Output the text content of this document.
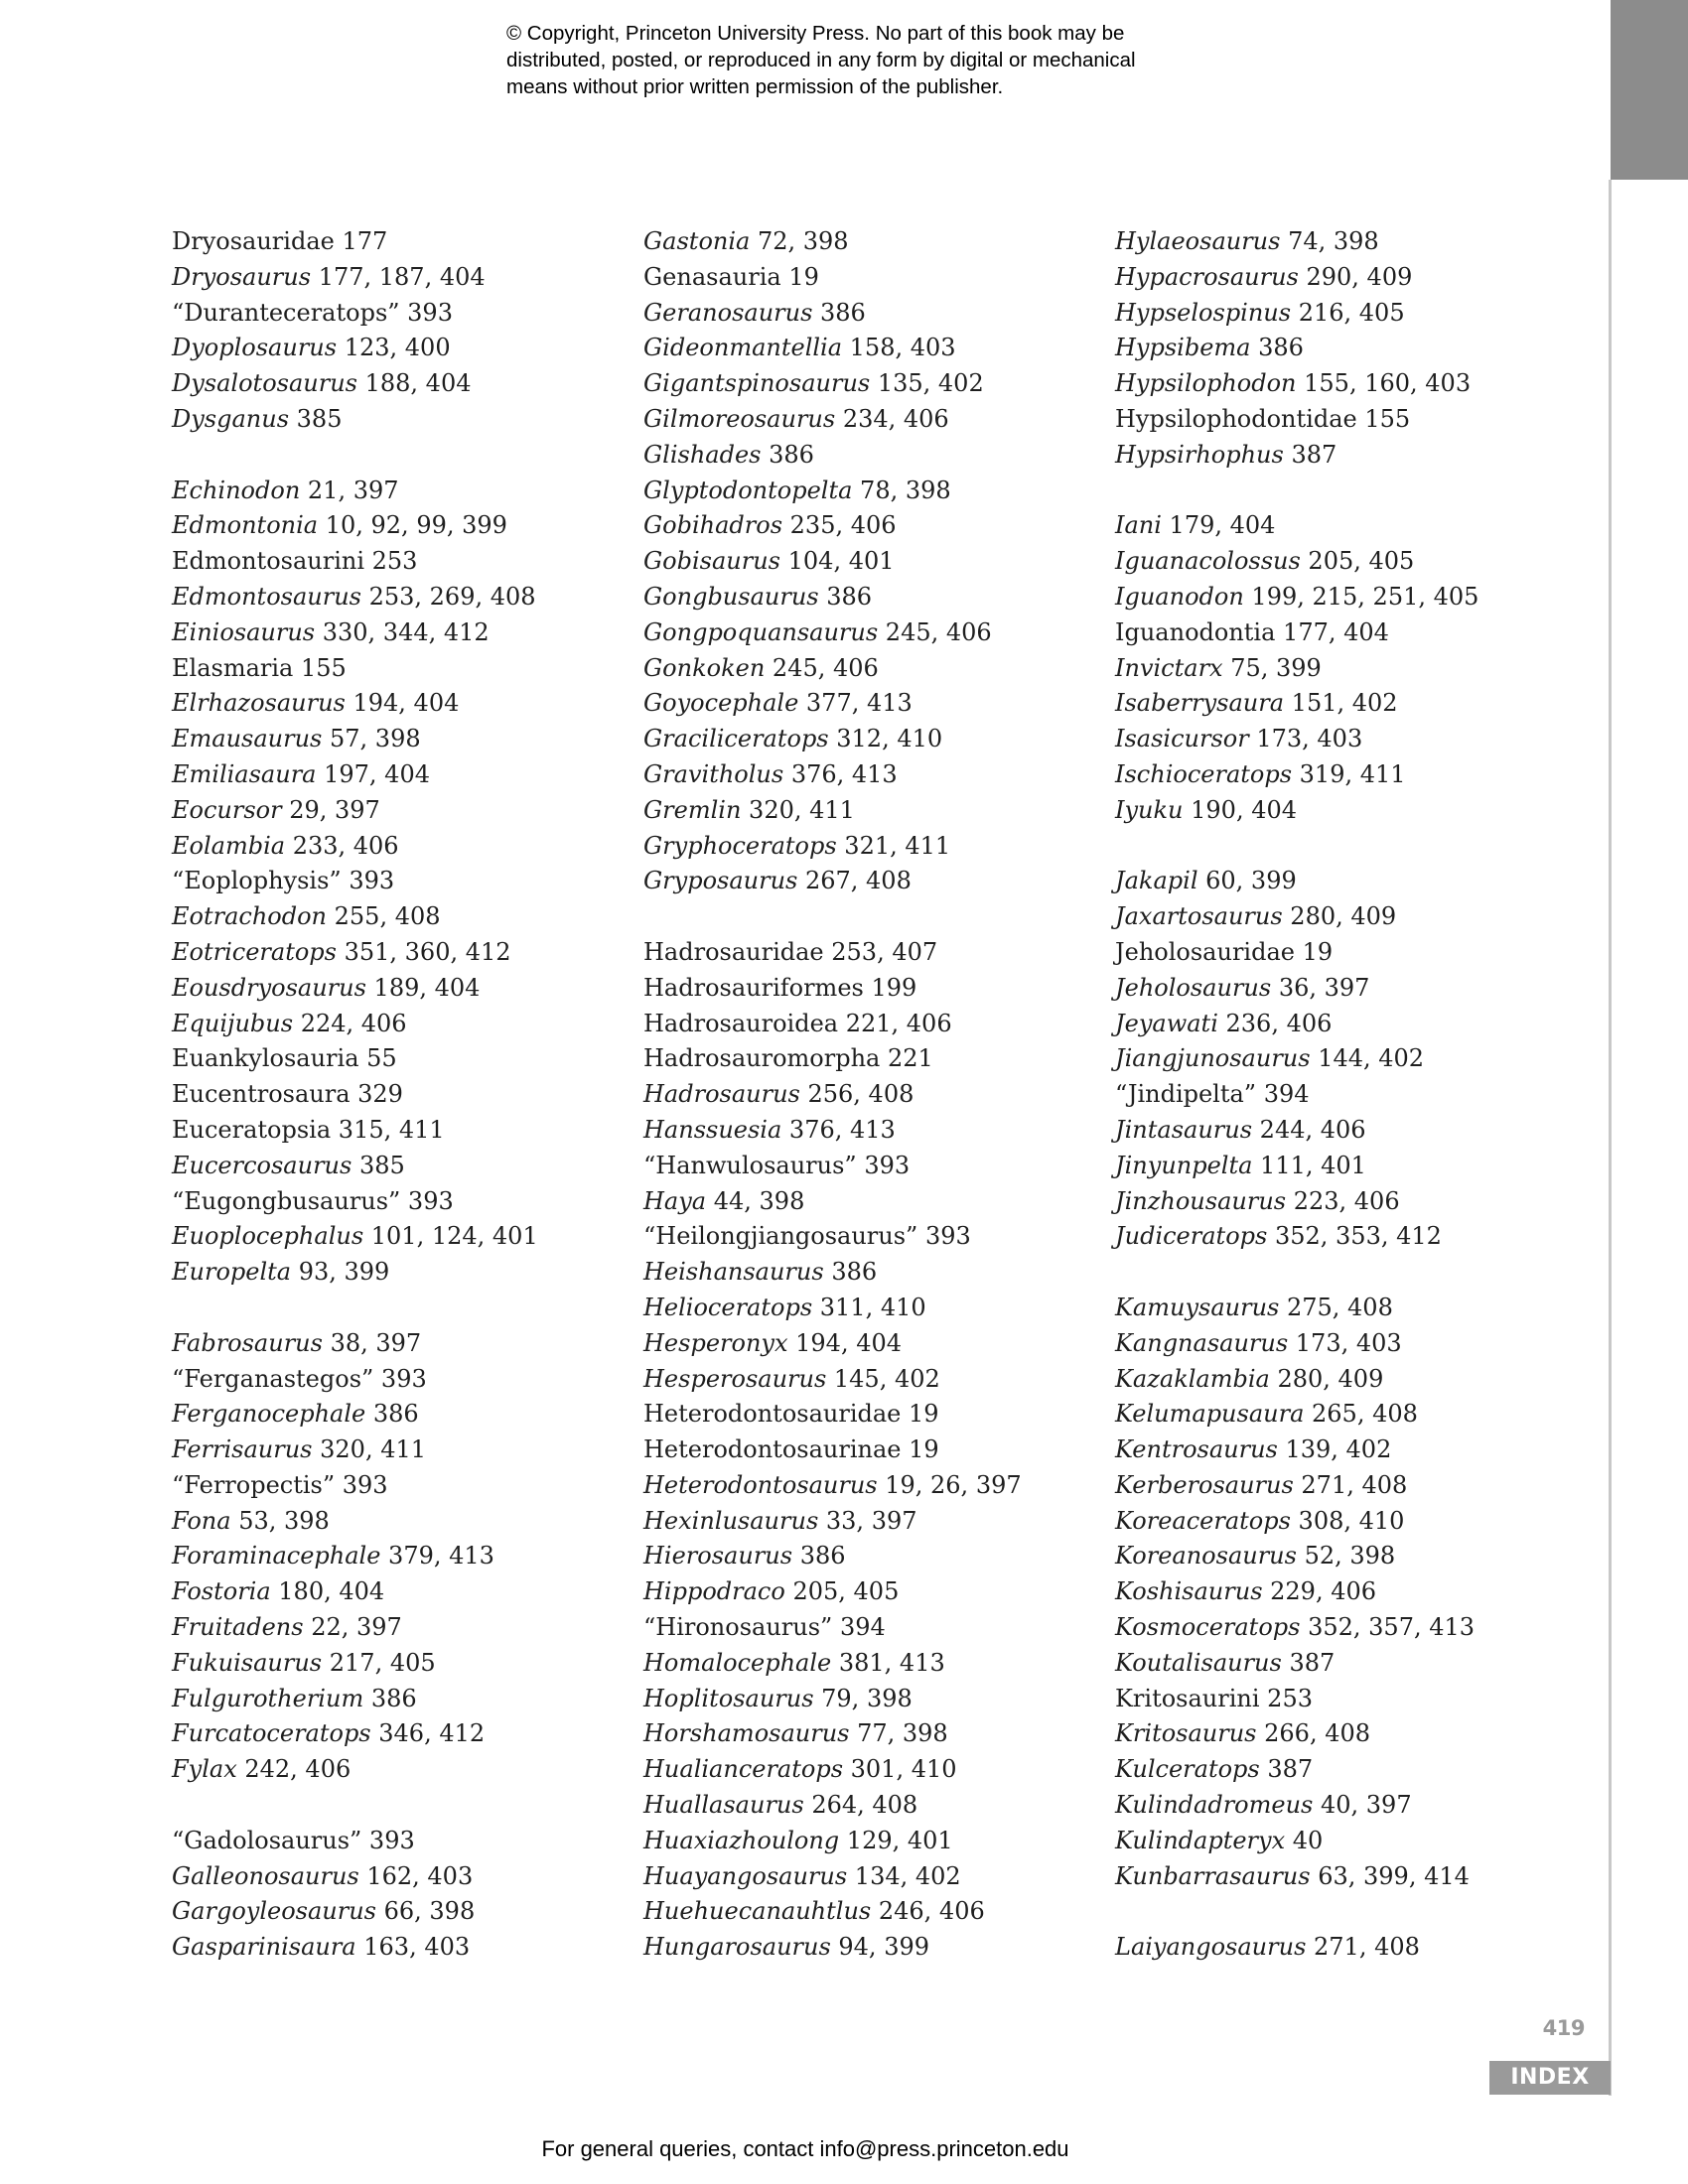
© Copyright, Princeton University Press. No part of this book may be
distributed, posted, or reproduced in any form by digital or mechanical
means without prior written permission of the publisher.
Dryosauridae 177
Dryosaurus 177, 187, 404
“Duranteceratops” 393
Dyoplosaurus 123, 400
Dysalotosaurus 188, 404
Dysganus 385
Echinodon 21, 397
Edmontonia 10, 92, 99, 399
Edmontosaurini 253
Edmontosaurus 253, 269, 408
Einiosaurus 330, 344, 412
Elasmaria 155
Elrhazosaurus 194, 404
Emausaurus 57, 398
Emiliasaura 197, 404
Eocursor 29, 397
Eolambia 233, 406
“Eoplophysis” 393
Eotrachodon 255, 408
Eotriceratops 351, 360, 412
Eousdryosaurus 189, 404
Equijubus 224, 406
Euankylosauria 55
Eucentrosaura 329
Euceratopsia 315, 411
Eucercosaurus 385
“Eugongbusaurus” 393
Euoplocephalus 101, 124, 401
Europelta 93, 399
Fabrosaurus 38, 397
“Ferganastegos” 393
Ferganocephale 386
Ferrisaurus 320, 411
“Ferropectis” 393
Fona 53, 398
Foraminacephale 379, 413
Fostoria 180, 404
Fruitadens 22, 397
Fukuisaurus 217, 405
Fulgurotherium 386
Furcatoceratops 346, 412
Fylax 242, 406
“Gadolosaurus” 393
Galleonosaurus 162, 403
Gargoyleosaurus 66, 398
Gasparinisaura 163, 403
Gastonia 72, 398
Genasauria 19
Geranosaurus 386
Gideonmantellia 158, 403
Gigantspinosaurus 135, 402
Gilmoreosaurus 234, 406
Glishades 386
Glyptodontopelta 78, 398
Gobihadros 235, 406
Gobisaurus 104, 401
Gongbusaurus 386
Gongpoquansaurus 245, 406
Gonkoken 245, 406
Goyocephale 377, 413
Graciliceratops 312, 410
Gravitholus 376, 413
Gremlin 320, 411
Gryphoceratops 321, 411
Gryposaurus 267, 408
Hadrosauridae 253, 407
Hadrosauriformes 199
Hadrosauroidea 221, 406
Hadrosauromorpha 221
Hadrosaurus 256, 408
Hanssuesia 376, 413
“Hanwulosaurus” 393
Haya 44, 398
“Heilongjiangosaurus” 393
Heishansaurus 386
Helioceratops 311, 410
Hesperonyx 194, 404
Hesperosaurus 145, 402
Heterodontosauridae 19
Heterodontosaurinae 19
Heterodontosaurus 19, 26, 397
Hexinlusaurus 33, 397
Hierosaurus 386
Hippodraco 205, 405
“Hironosaurus” 394
Homalocephale 381, 413
Hoplitosaurus 79, 398
Horshamosaurus 77, 398
Hualianceratops 301, 410
Huallasaurus 264, 408
Huaxiazhoulong 129, 401
Huayangosaurus 134, 402
Huehuecanauhtlus 246, 406
Hungarosaurus 94, 399
Hylaeosaurus 74, 398
Hypacrosaurus 290, 409
Hypselospinus 216, 405
Hypsibema 386
Hypsilophodon 155, 160, 403
Hypsilophodontidae 155
Hypsirhophus 387
Iani 179, 404
Iguanacolossus 205, 405
Iguanodon 199, 215, 251, 405
Iguanodontia 177, 404
Invictarx 75, 399
Isaberrysaura 151, 402
Isasicursor 173, 403
Ischioceratops 319, 411
Iyuku 190, 404
Jakapil 60, 399
Jaxartosaurus 280, 409
Jeholosauridae 19
Jeholosaurus 36, 397
Jeyawati 236, 406
Jiangjunosaurus 144, 402
“Jindipelta” 394
Jintasaurus 244, 406
Jinyunpelta 111, 401
Jinzhousaurus 223, 406
Judiceratops 352, 353, 412
Kamuysaurus 275, 408
Kangnasaurus 173, 403
Kazaklambia 280, 409
Kelumapusaura 265, 408
Kentrosaurus 139, 402
Kerberosaurus 271, 408
Koreaceratops 308, 410
Koreanosaurus 52, 398
Koshisaurus 229, 406
Kosmoceratops 352, 357, 413
Koutalisaurus 387
Kritosaurini 253
Kritosaurus 266, 408
Kulceratops 387
Kulindadromeus 40, 397
Kulindapteryx 40
Kunbarrasaurus 63, 399, 414
Laiyangosaurus 271, 408
419
INDEX
For general queries, contact info@press.princeton.edu
